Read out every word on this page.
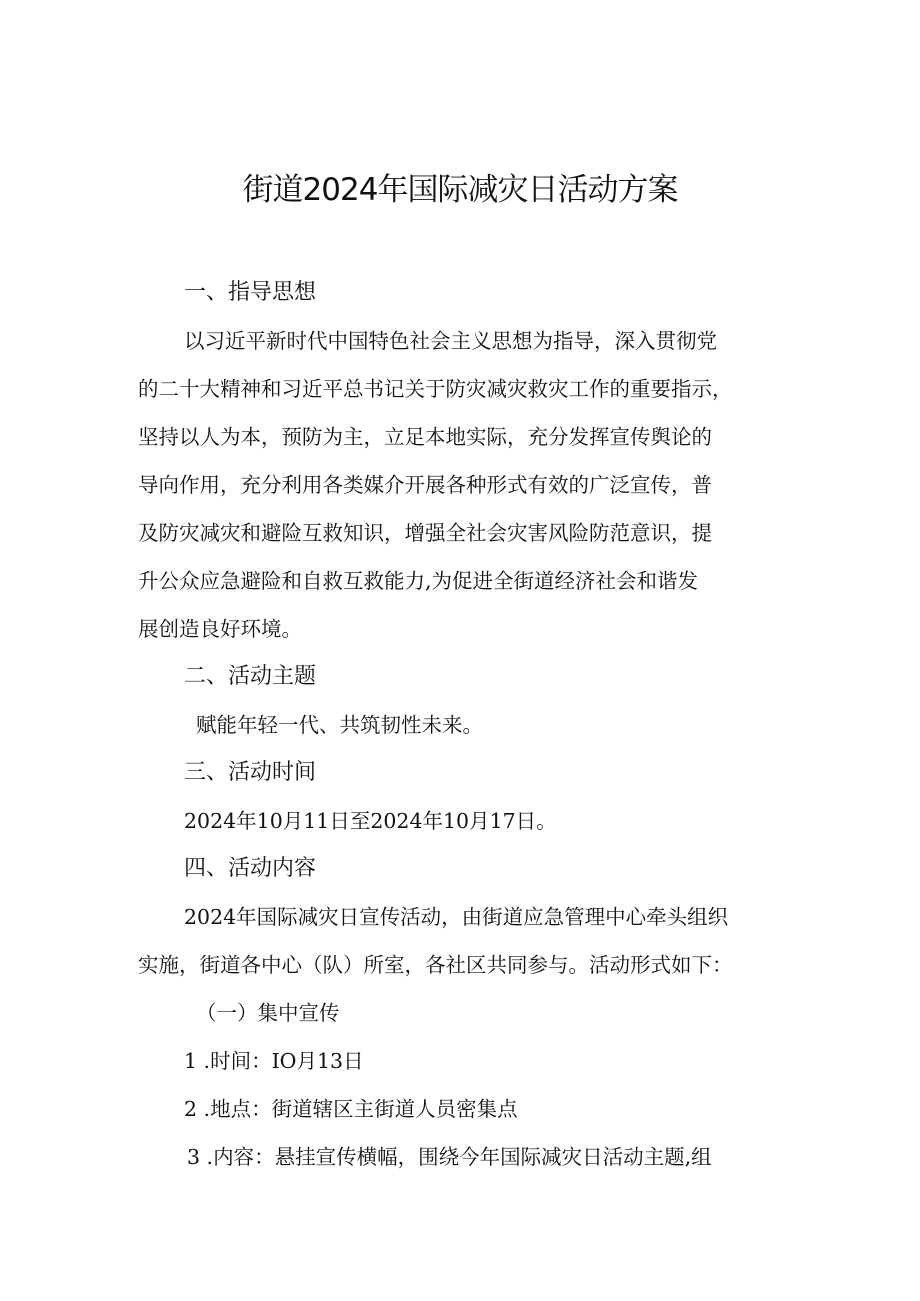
街道2024年国际减灾日活动方案
一、指导思想
以习近平新时代中国特色社会主义思想为指导，深入贯彻党
的二十大精神和习近平总书记关于防灾减灾救灾工作的重要指示，
坚持以人为本，预防为主，立足本地实际，充分发挥宣传舆论的
导向作用，充分利用各类媒介开展各种形式有效的广泛宣传，普
及防灾减灾和避险互救知识，增强全社会灾害风险防范意识，提
升公众应急避险和自救互救能力,为促进全街道经济社会和谐发
展创造良好环境。
二、活动主题
赋能年轻一代、共筑韧性未来。
三、活动时间
2024年10月11日至2024年10月17日。
四、活动内容
2024年国际减灾日宣传活动，由街道应急管理中心牵头组织
实施，街道各中心（队）所室，各社区共同参与。活动形式如下：
（一）集中宣传
1 .时间：IO月13日
2 .地点：街道辖区主街道人员密集点
3 .内容：悬挂宣传横幅，围绕今年国际减灾日活动主题,组
